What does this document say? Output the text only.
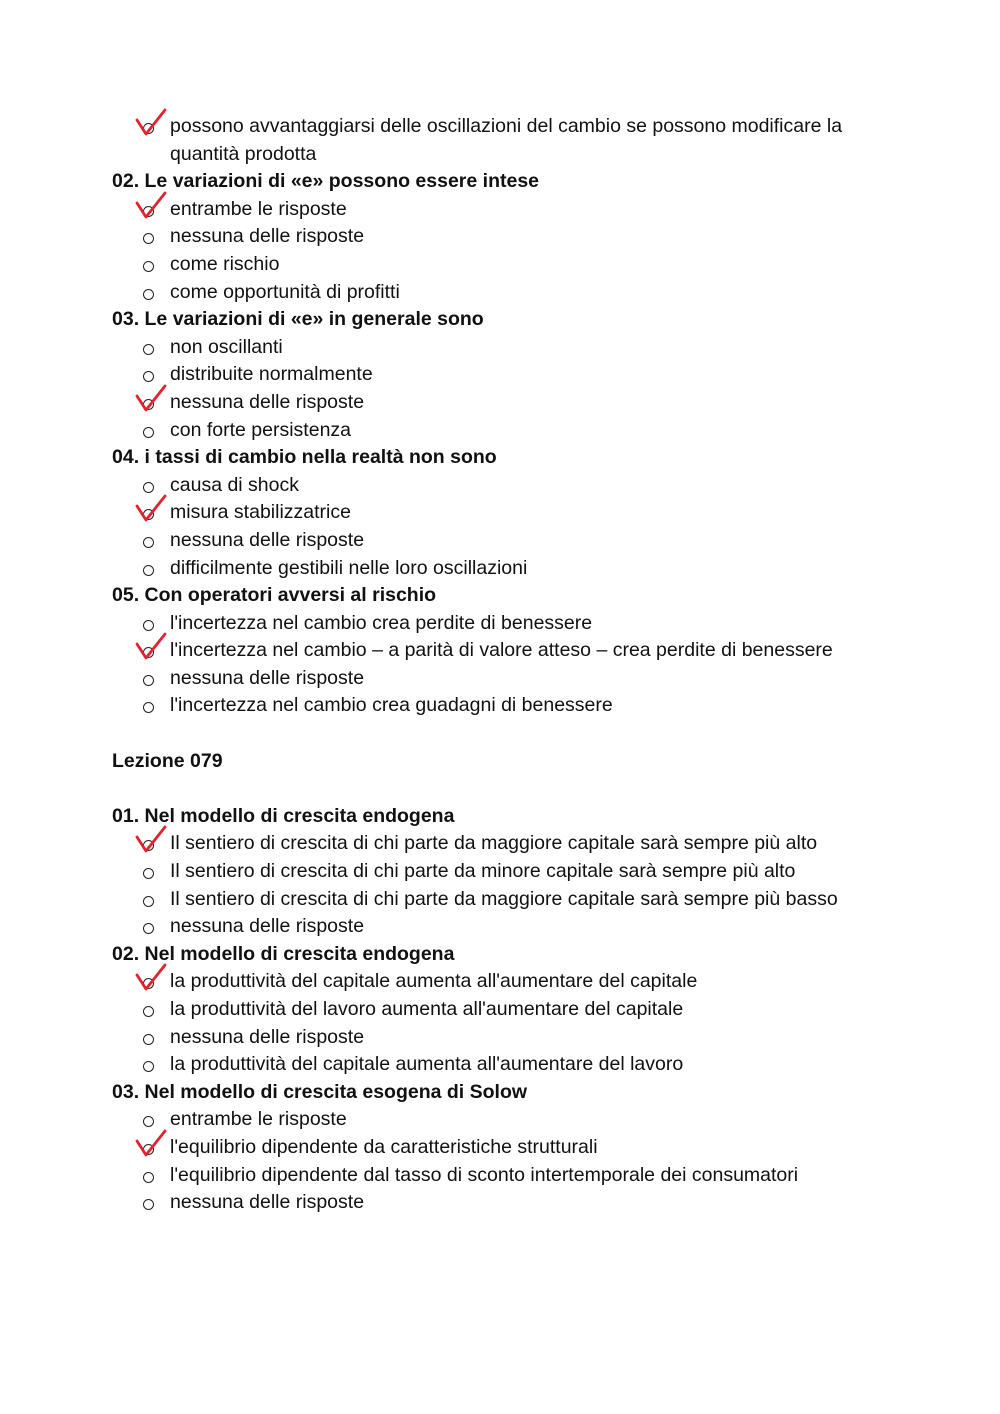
possono avvantaggiarsi delle oscillazioni del cambio se possono modificare la quantità prodotta
02. Le variazioni di «e» possono essere intese
entrambe le risposte
nessuna delle risposte
come rischio
come opportunità di profitti
03. Le variazioni di «e» in generale sono
non oscillanti
distribuite normalmente
nessuna delle risposte
con forte persistenza
04. i tassi di cambio nella realtà non sono
causa di shock
misura stabilizzatrice
nessuna delle risposte
difficilmente gestibili nelle loro oscillazioni
05. Con operatori avversi al rischio
l'incertezza nel cambio crea perdite di benessere
l'incertezza nel cambio – a parità di valore atteso – crea perdite di benessere
nessuna delle risposte
l'incertezza nel cambio crea guadagni di benessere
Lezione 079
01. Nel modello di crescita endogena
Il sentiero di crescita di chi parte da maggiore capitale sarà sempre più alto
Il sentiero di crescita di chi parte da minore capitale sarà sempre più alto
Il sentiero di crescita di chi parte da maggiore capitale sarà sempre più basso
nessuna delle risposte
02. Nel modello di crescita endogena
la produttività del capitale aumenta all'aumentare del capitale
la produttività del lavoro aumenta all'aumentare del capitale
nessuna delle risposte
la produttività del capitale aumenta all'aumentare del lavoro
03. Nel modello di crescita esogena di Solow
entrambe le risposte
l'equilibrio dipendente da caratteristiche strutturali
l'equilibrio dipendente dal tasso di sconto intertemporale dei consumatori
nessuna delle risposte
